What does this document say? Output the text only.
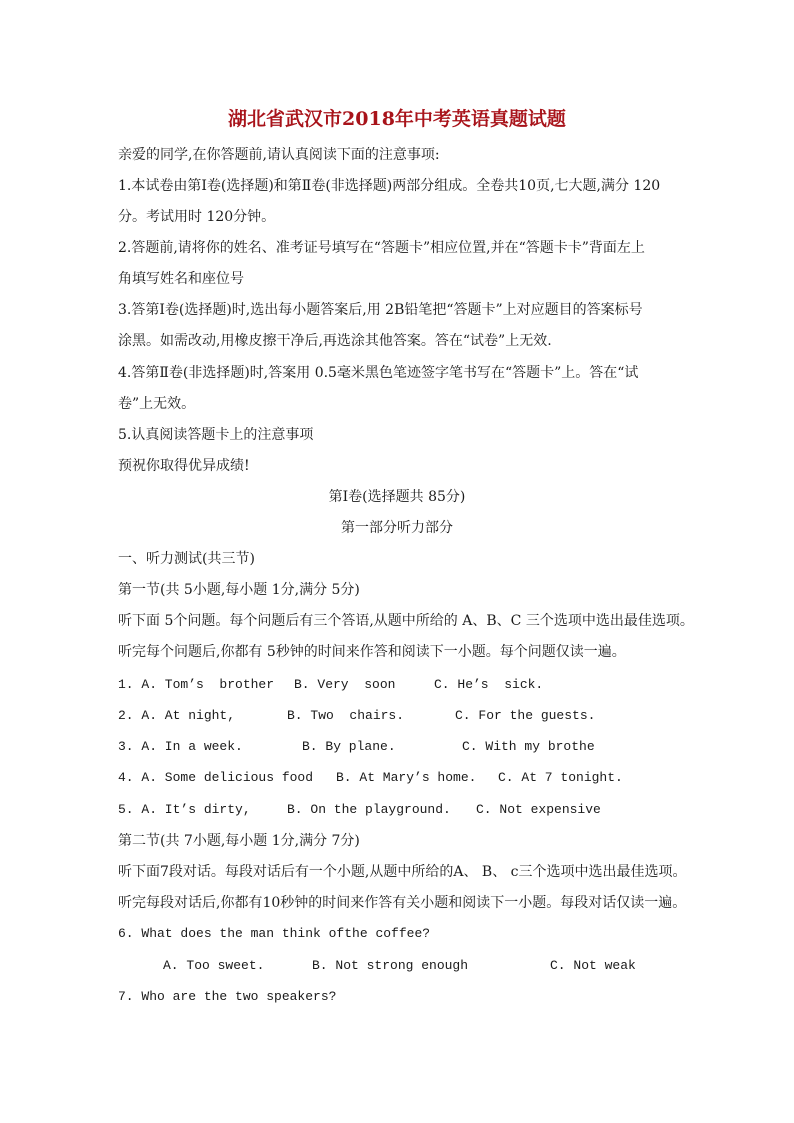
湖北省武汉市2018年中考英语真题试题
亲爱的同学,在你答题前,请认真阅读下面的注意事项:
1.本试卷由第Ⅰ卷(选择题)和第Ⅱ卷(非选择题)两部分组成。全卷共10页,七大题,满分 120
分。考试用时 120分钟。
2.答题前,请将你的姓名、准考证号填写在“答题卡”相应位置,并在“答题卡卡”背面左上
角填写姓名和座位号
3.答第Ⅰ卷(选择题)时,选出每小题答案后,用 2B铅笔把“答题卡”上对应题目的答案标号
涂黑。如需改动,用橡皮擦干净后,再选涂其他答案。答在“试卷”上无效.
4.答第Ⅱ卷(非选择题)时,答案用 0.5毫米黑色笔迹签字笔书写在“答题卡”上。答在“试
卷”上无效。
5.认真阅读答题卡上的注意事项
预祝你取得优异成绩!
第Ⅰ卷(选择题共 85分)
第一部分听力部分
一、听力测试(共三节)
第一节(共 5小题,每小题 1分,满分 5分)
听下面 5个问题。每个问题后有三个答语,从题中所给的 A、B、C 三个选项中选出最佳选项。
听完每个问题后,你都有 5秒钟的时间来作答和阅读下一小题。每个问题仅读一遍。
1. A. Tom’s  brother B. Very  soon	C. He’s  sick.
2. A. At night,	B. Two  chairs.	C. For the guests.
3. A. In a week.	B. By plane.	C. With my brothe
4. A. Some delicious food B. At Mary’s home. C. At 7 tonight.
5. A. It’s dirty,	B. On the playground. C. Not expensive
第二节(共 7小题,每小题 1分,满分 7分)
听下面7段对话。每段对话后有一个小题,从题中所给的A、 B、 c三个选项中选出最佳选项。
听完每段对话后,你都有10秒钟的时间来作答有关小题和阅读下一小题。每段对话仅读一遍。
6. What does the man think ofthe coffee?
A. Too sweet.	B. Not strong enough	C. Not weak
7. Who are the two speakers?
